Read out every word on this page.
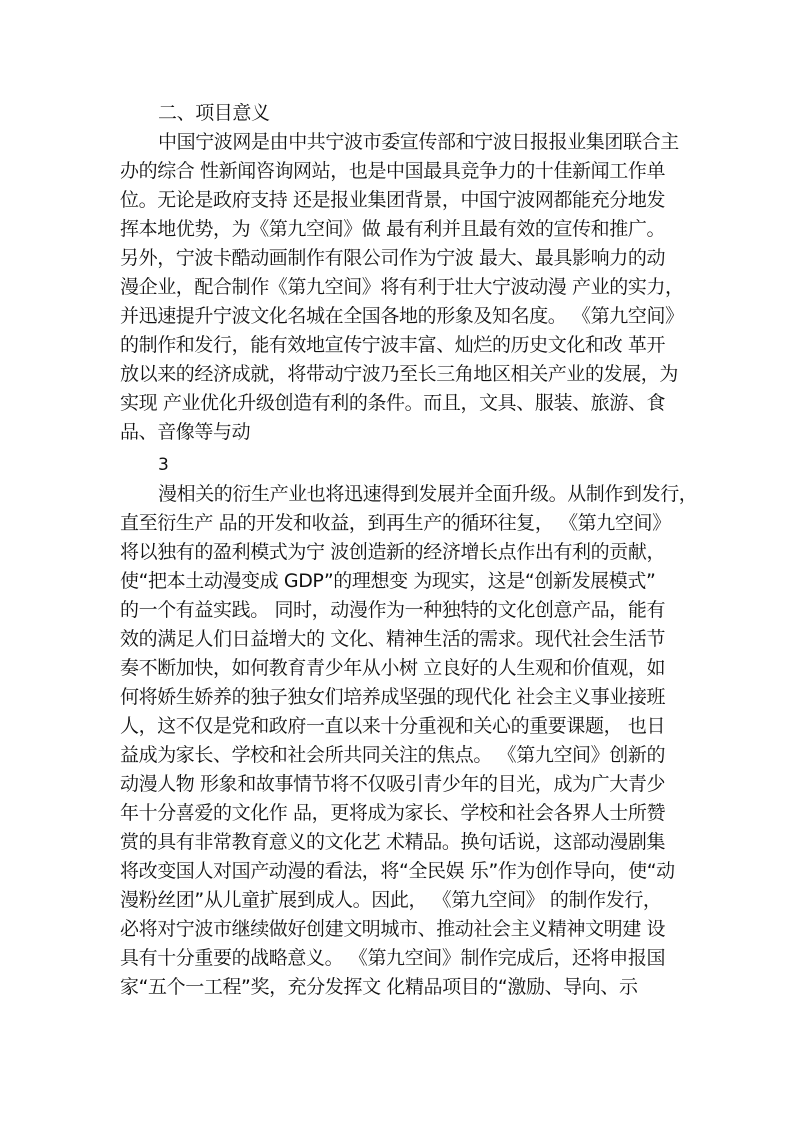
二、项目意义
中国宁波网是由中共宁波市委宣传部和宁波日报报业集团联合主
办的综合 性新闻咨询网站，也是中国最具竞争力的十佳新闻工作单
位。无论是政府支持 还是报业集团背景，中国宁波网都能充分地发
挥本地优势，为《第九空间》做 最有利并且最有效的宣传和推广。
另外，宁波卡酷动画制作有限公司作为宁波 最大、最具影响力的动
漫企业，配合制作《第九空间》将有利于壮大宁波动漫 产业的实力，
并迅速提升宁波文化名城在全国各地的形象及知名度。 《第九空间》
的制作和发行，能有效地宣传宁波丰富、灿烂的历史文化和改 革开
放以来的经济成就，将带动宁波乃至长三角地区相关产业的发展，为
实现 产业优化升级创造有利的条件。而且，文具、服装、旅游、食
品、音像等与动
3
漫相关的衍生产业也将迅速得到发展并全面升级。从制作到发行，
直至衍生产 品的开发和收益，到再生产的循环往复， 《第九空间》
将以独有的盈利模式为宁 波创造新的经济增长点作出有利的贡献，
使“把本土动漫变成 GDP”的理想变 为现实，这是“创新发展模式”
的一个有益实践。 同时，动漫作为一种独特的文化创意产品，能有
效的满足人们日益增大的 文化、精神生活的需求。现代社会生活节
奏不断加快，如何教育青少年从小树 立良好的人生观和价值观，如
何将娇生娇养的独子独女们培养成坚强的现代化 社会主义事业接班
人，这不仅是党和政府一直以来十分重视和关心的重要课题， 也日
益成为家长、学校和社会所共同关注的焦点。 《第九空间》创新的
动漫人物 形象和故事情节将不仅吸引青少年的目光，成为广大青少
年十分喜爱的文化作 品，更将成为家长、学校和社会各界人士所赞
赏的具有非常教育意义的文化艺 术精品。换句话说，这部动漫剧集
将改变国人对国产动漫的看法，将“全民娱 乐”作为创作导向，使“动
漫粉丝团”从儿童扩展到成人。因此， 《第九空间》 的制作发行，
必将对宁波市继续做好创建文明城市、推动社会主义精神文明建 设
具有十分重要的战略意义。 《第九空间》制作完成后，还将申报国
家“五个一工程”奖，充分发挥文 化精品项目的“激励、导向、示
